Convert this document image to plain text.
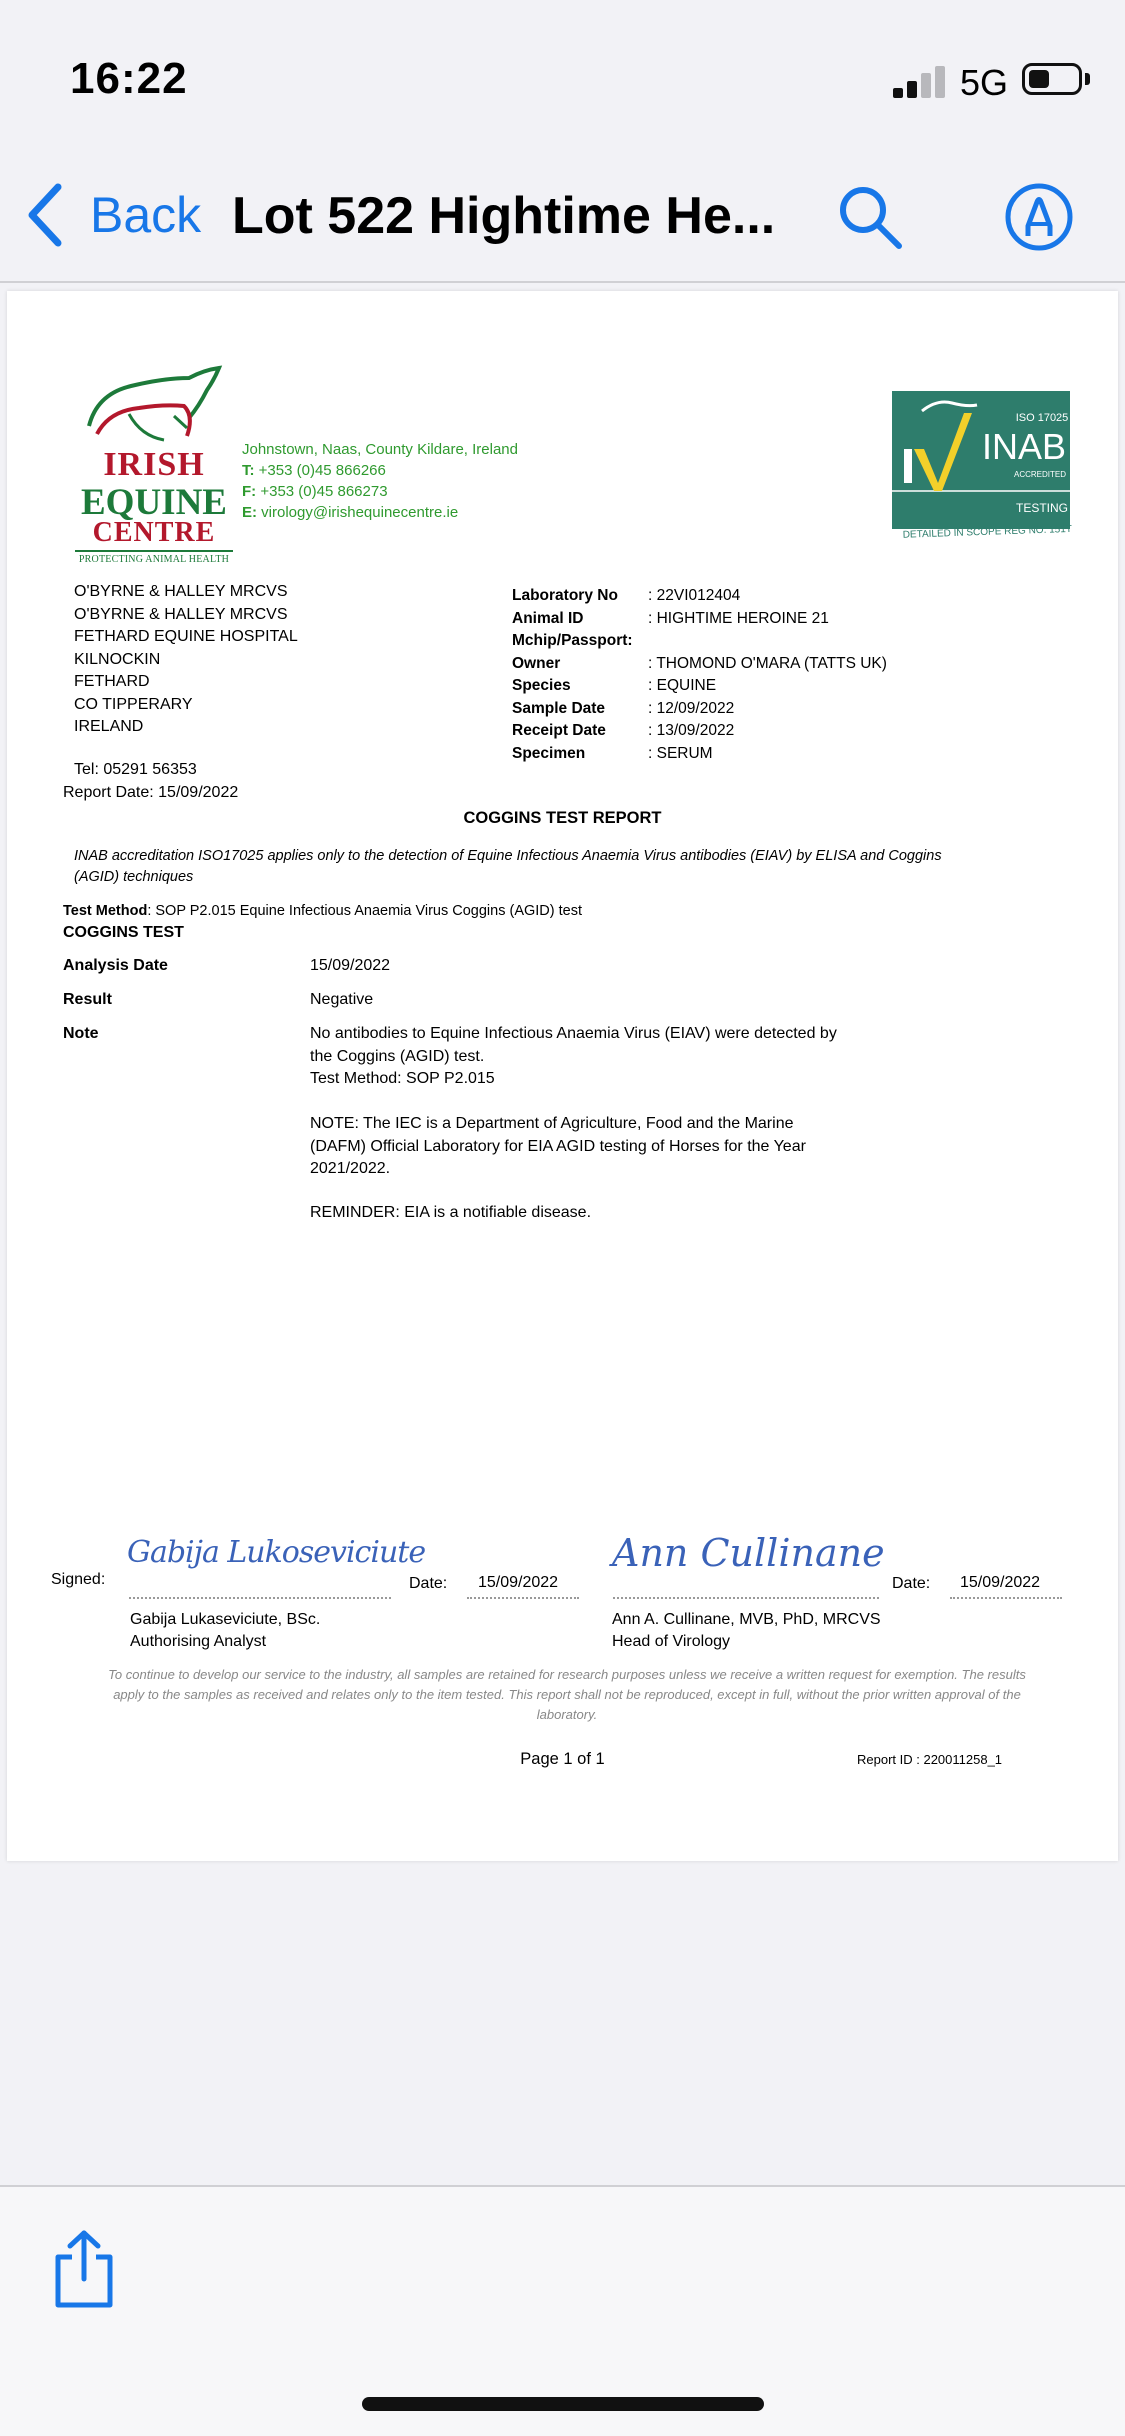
16:22	5G
Back Lot 522 Hightime He...
IRISH
EQUINE
CENTRE
PROTECTING ANIMAL HEALTH
Johnstown, Naas, County Kildare, Ireland
T: +353 (0)45 866266
F: +353 (0)45 866273
E: virology@irishequinecentre.ie
ISO 17025
INAB
ACCREDITED
TESTING
DETAILED IN SCOPE REG NO. 151T
O'BYRNE & HALLEY MRCVS
O'BYRNE & HALLEY MRCVS
FETHARD EQUINE HOSPITAL
KILNOCKIN
FETHARD
CO TIPPERARY
IRELAND
Tel: 05291 56353
Report Date: 15/09/2022
Laboratory No	: 22VI012404
Animal ID	: HIGHTIME HEROINE 21
Mchip/Passport:
Owner	: THOMOND O'MARA (TATTS UK)
Species	: EQUINE
Sample Date	: 12/09/2022
Receipt Date	: 13/09/2022
Specimen	: SERUM
COGGINS TEST REPORT
INAB accreditation ISO17025 applies only to the detection of Equine Infectious Anaemia Virus antibodies (EIAV) by ELISA and Coggins (AGID) techniques
Test Method: SOP P2.015 Equine Infectious Anaemia Virus Coggins (AGID) test
COGGINS TEST
Analysis Date	15/09/2022
Result	Negative
Note	No antibodies to Equine Infectious Anaemia Virus (EIAV) were detected by
the Coggins (AGID) test.
Test Method: SOP P2.015
NOTE: The IEC is a Department of Agriculture, Food and the Marine
(DAFM) Official Laboratory for EIA AGID testing of Horses for the Year
2021/2022.
REMINDER: EIA is a notifiable disease.
Signed:
Gabija Lukoseviciute
Date: 15/09/2022
Gabija Lukaseviciute, BSc.
Authorising Analyst
Ann Cullinane
Date: 15/09/2022
Ann A. Cullinane, MVB, PhD, MRCVS
Head of Virology
To continue to develop our service to the industry, all samples are retained for research purposes unless we receive a written request for exemption. The results apply to the samples as received and relates only to the item tested. This report shall not be reproduced, except in full, without the prior written approval of the laboratory.
Page 1 of 1	Report ID : 220011258_1
